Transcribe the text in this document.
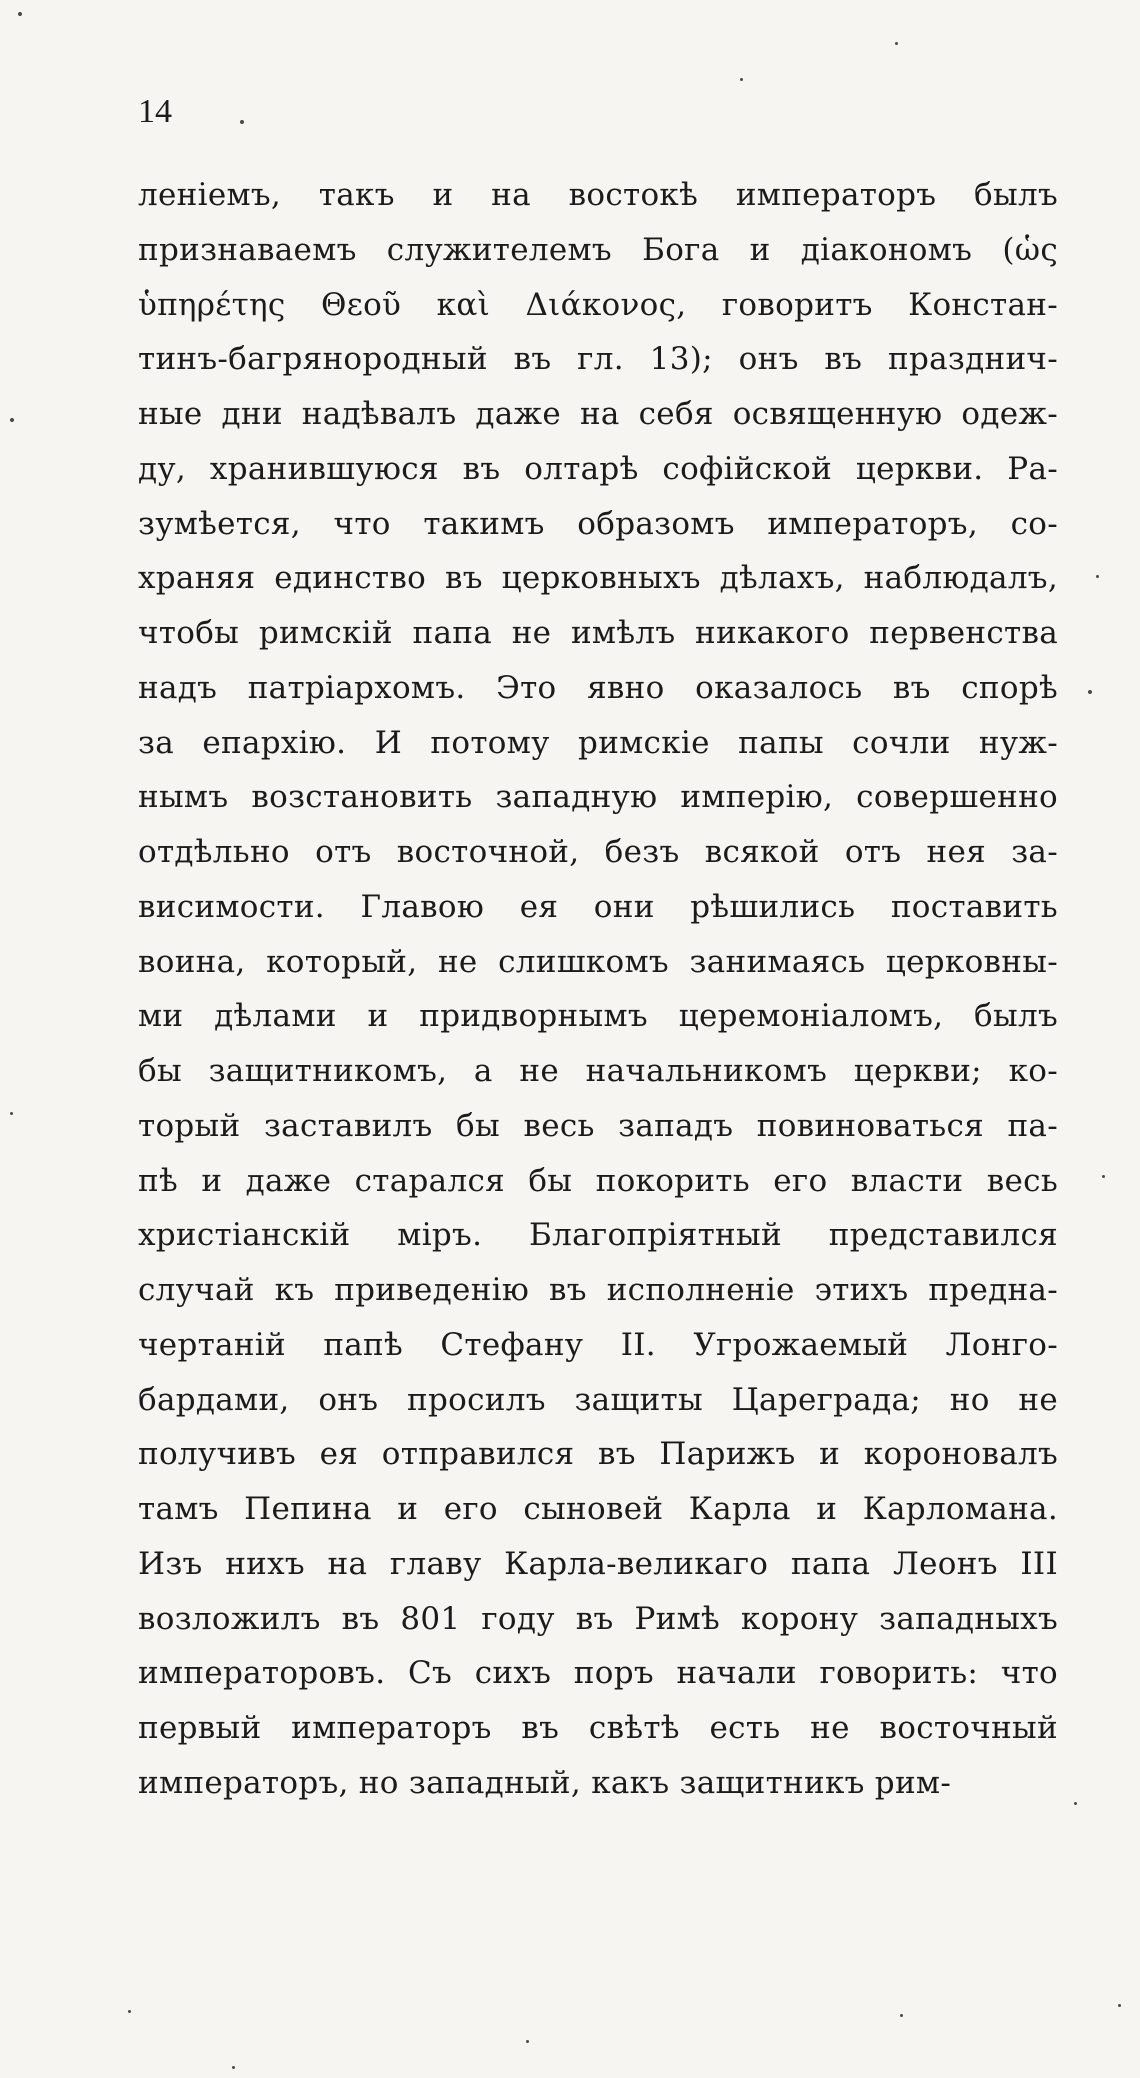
14
ленiемъ, такъ и на востокѣ императоръ былъ
признаваемъ служителемъ Бога и дiакономъ (ὡς
ὑπηρέτης Θεοῦ καὶ Διάκονος, говоритъ Констан-
тинъ-багрянородный въ гл. 13); онъ въ празднич-
ные дни надѣвалъ даже на себя освященную одеж-
ду, хранившуюся въ олтарѣ софiйской церкви. Ра-
зумѣется, что такимъ образомъ императоръ, со-
храняя единство въ церковныхъ дѣлахъ, наблюдалъ,
чтобы римскiй папа не имѣлъ никакого первенства
надъ патрiархомъ. Это явно оказалось въ спорѣ
за епархiю. И потому римскiе папы сочли нуж-
нымъ возстановить западную имперiю, совершенно
отдѣльно отъ восточной, безъ всякой отъ нея за-
висимости. Главою ея они рѣшились поставить
воина, который, не слишкомъ занимаясь церковны-
ми дѣлами и придворнымъ церемонiаломъ, былъ
бы защитникомъ, а не начальникомъ церкви; ко-
торый заставилъ бы весь западъ повиноваться па-
пѣ и даже старался бы покорить его власти весь
христiанскiй мiръ. Благопрiятный представился
случай къ приведенiю въ исполненiе этихъ предна-
чертанiй папѣ Стефану II. Угрожаемый Лонго-
бардами, онъ просилъ защиты Цареграда; но не
получивъ ея отправился въ Парижъ и короновалъ
тамъ Пепина и его сыновей Карла и Карломана.
Изъ нихъ на главу Карла-великаго папа Леонъ III
возложилъ въ 801 году въ Римѣ корону западныхъ
императоровъ. Съ сихъ поръ начали говорить: что
первый императоръ въ свѣтѣ есть не восточный
императоръ, но западный, какъ защитникъ рим-
